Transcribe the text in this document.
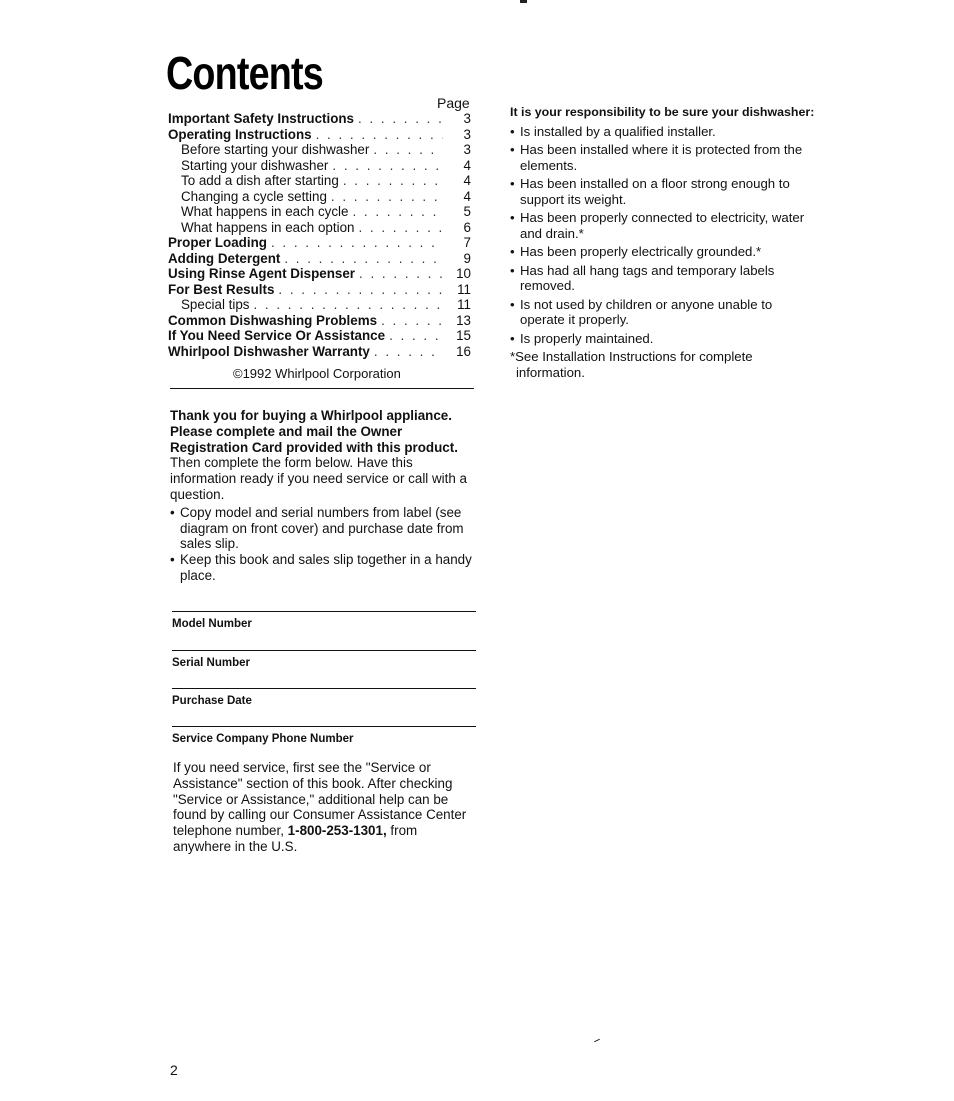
Contents
Page
Important Safety Instructions . . .	3
Operating Instructions . . .	3
Before starting your dishwasher . . .	3
Starting your dishwasher . . .	4
To add a dish after starting . . .	4
Changing a cycle setting . . .	4
What happens in each cycle . . .	5
What happens in each option . . .	6
Proper Loading . . .	7
Adding Detergent . . .	9
Using Rinse Agent Dispenser . . .	10
For Best Results . . .	11
Special tips . . .	11
Common Dishwashing Problems . . .	13
If You Need Service Or Assistance . . .	15
Whirlpool Dishwasher Warranty . . .	16
©1992 Whirlpool Corporation
Thank you for buying a Whirlpool appliance. Please complete and mail the Owner Registration Card provided with this product.
Then complete the form below. Have this information ready if you need service or call with a question.
• Copy model and serial numbers from label (see diagram on front cover) and purchase date from sales slip.
• Keep this book and sales slip together in a handy place.
Model Number
Serial Number
Purchase Date
Service Company Phone Number
If you need service, first see the "Service or Assistance" section of this book. After checking "Service or Assistance," additional help can be found by calling our Consumer Assistance Center telephone number, 1-800-253-1301, from anywhere in the U.S.
It is your responsibility to be sure your dishwasher:
• Is installed by a qualified installer.
• Has been installed where it is protected from the elements.
• Has been installed on a floor strong enough to support its weight.
• Has been properly connected to electricity, water and drain.*
• Has been properly electrically grounded.*
• Has had all hang tags and temporary labels removed.
• Is not used by children or anyone unable to operate it properly.
• Is properly maintained.
*See Installation Instructions for complete information.
2
